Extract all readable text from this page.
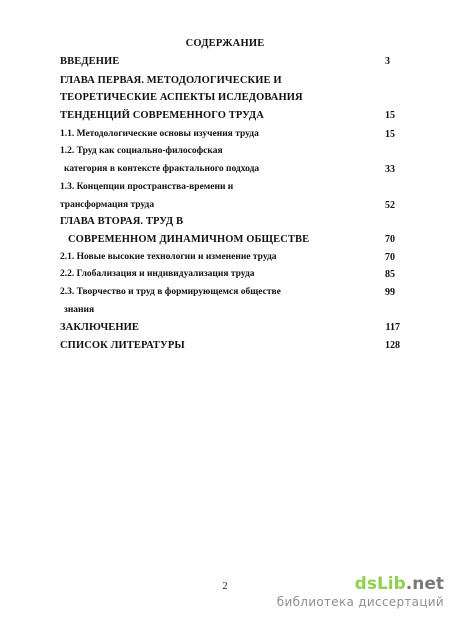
СОДЕРЖАНИЕ
ВВЕДЕНИЕ	3
ГЛАВА ПЕРВАЯ. МЕТОДОЛОГИЧЕСКИЕ И
ТЕОРЕТИЧЕСКИЕ АСПЕКТЫ ИСЛЕДОВАНИЯ
ТЕНДЕНЦИЙ СОВРЕМЕННОГО ТРУДА	15
1.1. Методологические основы изучения труда	15
1.2. Труд как социально-философская
категория в контексте фрактального подхода	33
1.3. Концепции пространства-времени и
трансформация труда	52
ГЛАВА ВТОРАЯ. ТРУД В
СОВРЕМЕННОМ ДИНАМИЧНОМ ОБЩЕСТВЕ	70
2.1. Новые высокие технологии и изменение труда	70
2.2. Глобализация и индивидуализация труда	85
2.3. Творчество и труд в формирующемся обществе	99
знания
ЗАКЛЮЧЕНИЕ	117
СПИСОК ЛИТЕРАТУРЫ	128
2	dsLib.net
библиотека диссертаций
